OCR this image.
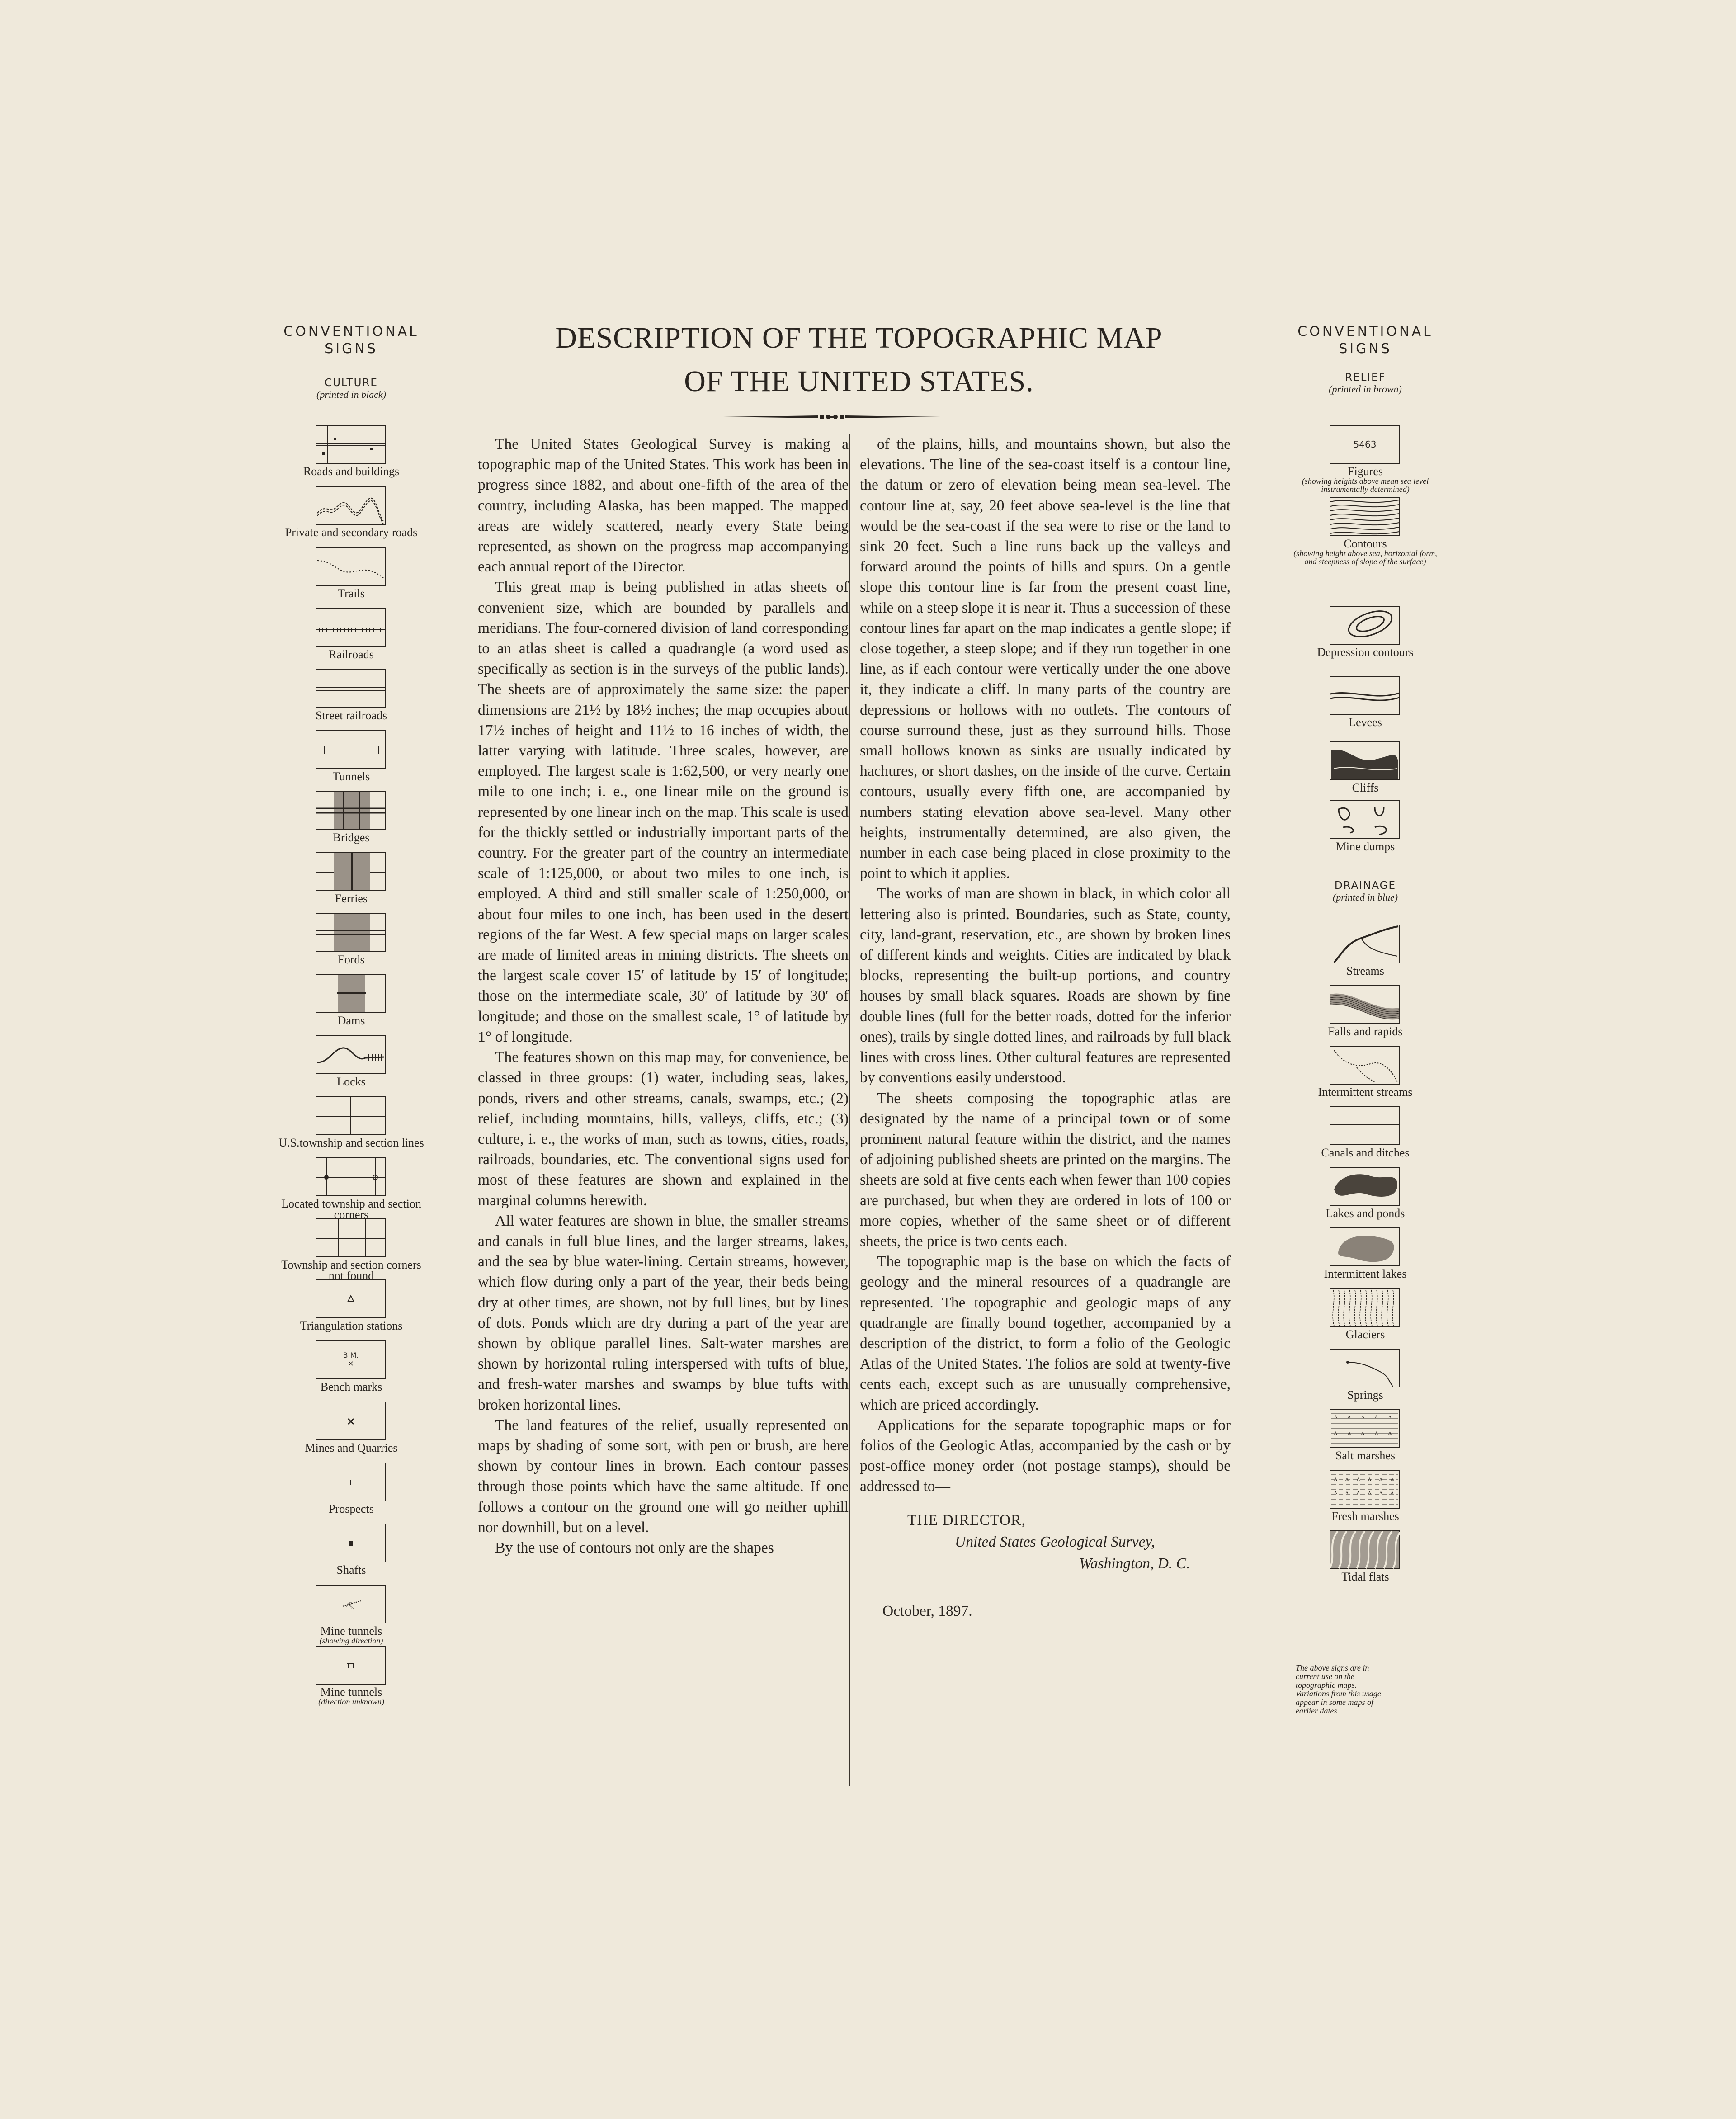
CONVENTIONAL
SIGNS
CULTURE
(printed in black)
Roads and buildings
Private and secondary roads
Trails
Railroads
Street railroads
Tunnels
Bridges
Ferries
Fords
Dams
Locks
U.S.township and section lines
Located township and section corners
Township and section corners not found
Triangulation stations
B.M.
×
Bench marks
Mines and Quarries
Prospects
Shafts
⛏
Mine tunnels
(showing direction)
Mine tunnels
(direction unknown)
CONVENTIONAL
SIGNS
RELIEF
(printed in brown)
5463
Figures
(showing heights above mean sea level instrumentally determined)
Contours
(showing height above sea, horizontal form, and steepness of slope of the surface)
Depression contours
Levees
Cliffs
Mine dumps
Streams
Falls and rapids
Intermittent streams
Canals and ditches
Lakes and ponds
Intermittent lakes
Glaciers
Springs
ᴧ ᴧ ᴧ ᴧ ᴧ
ᴧ ᴧ ᴧ ᴧ ᴧ
Salt marshes
ᴧ ᴧ ᴧ ᴧ ᴧ ᴧ
ᴧ ᴧ ᴧ ᴧ ᴧ ᴧ
Fresh marshes
Tidal flats
DRAINAGE
(printed in blue)
The above signs are in current use on the topographic maps. Variations from this usage appear in some maps of earlier dates.
DESCRIPTION OF THE TOPOGRAPHIC MAP
OF THE UNITED STATES.

The United States Geological Survey is making a topographic map of the United States. This work has been in progress since 1882, and about one-fifth of the area of the country, including Alaska, has been mapped. The mapped areas are widely scattered, nearly every State being represented, as shown on the progress map accompanying each annual report of the Director.

This great map is being published in atlas sheets of convenient size, which are bounded by parallels and meridians. The four-cornered division of land corresponding to an atlas sheet is called a quadrangle (a word used as specifically as section is in the surveys of the public lands). The sheets are of approximately the same size: the paper dimensions are 21½ by 18½ inches; the map occupies about 17½ inches of height and 11½ to 16 inches of width, the latter varying with latitude. Three scales, however, are employed. The largest scale is 1:62,500, or very nearly one mile to one inch; i. e., one linear mile on the ground is represented by one linear inch on the map. This scale is used for the thickly settled or industrially important parts of the country. For the greater part of the country an intermediate scale of 1:125,000, or about two miles to one inch, is employed. A third and still smaller scale of 1:250,000, or about four miles to one inch, has been used in the desert regions of the far West. A few special maps on larger scales are made of limited areas in mining districts. The sheets on the largest scale cover 15′ of latitude by 15′ of longitude; those on the intermediate scale, 30′ of latitude by 30′ of longitude; and those on the smallest scale, 1° of latitude by 1° of longitude.

The features shown on this map may, for convenience, be classed in three groups: (1) water, including seas, lakes, ponds, rivers and other streams, canals, swamps, etc.; (2) relief, including mountains, hills, valleys, cliffs, etc.; (3) culture, i. e., the works of man, such as towns, cities, roads, railroads, boundaries, etc. The conventional signs used for most of these features are shown and explained in the marginal columns herewith.

All water features are shown in blue, the smaller streams and canals in full blue lines, and the larger streams, lakes, and the sea by blue water-lining. Certain streams, however, which flow during only a part of the year, their beds being dry at other times, are shown, not by full lines, but by lines of dots. Ponds which are dry during a part of the year are shown by oblique parallel lines. Salt-water marshes are shown by horizontal ruling interspersed with tufts of blue, and fresh-water marshes and swamps by blue tufts with broken horizontal lines.

The land features of the relief, usually represented on maps by shading of some sort, with pen or brush, are here shown by contour lines in brown. Each contour passes through those points which have the same altitude. If one follows a contour on the ground one will go neither uphill nor downhill, but on a level.

By the use of contours not only are the shapes

of the plains, hills, and mountains shown, but also the elevations. The line of the sea-coast itself is a contour line, the datum or zero of elevation being mean sea-level. The contour line at, say, 20 feet above sea-level is the line that would be the sea-coast if the sea were to rise or the land to sink 20 feet. Such a line runs back up the valleys and forward around the points of hills and spurs. On a gentle slope this contour line is far from the present coast line, while on a steep slope it is near it. Thus a succession of these contour lines far apart on the map indicates a gentle slope; if close together, a steep slope; and if they run together in one line, as if each contour were vertically under the one above it, they indicate a cliff. In many parts of the country are depressions or hollows with no outlets. The contours of course surround these, just as they surround hills. Those small hollows known as sinks are usually indicated by hachures, or short dashes, on the inside of the curve. Certain contours, usually every fifth one, are accompanied by numbers stating elevation above sea-level. Many other heights, instrumentally determined, are also given, the number in each case being placed in close proximity to the point to which it applies.

The works of man are shown in black, in which color all lettering also is printed. Boundaries, such as State, county, city, land-grant, reservation, etc., are shown by broken lines of different kinds and weights. Cities are indicated by black blocks, representing the built-up portions, and country houses by small black squares. Roads are shown by fine double lines (full for the better roads, dotted for the inferior ones), trails by single dotted lines, and railroads by full black lines with cross lines. Other cultural features are represented by conventions easily understood.

The sheets composing the topographic atlas are designated by the name of a principal town or of some prominent natural feature within the district, and the names of adjoining published sheets are printed on the margins. The sheets are sold at five cents each when fewer than 100 copies are purchased, but when they are ordered in lots of 100 or more copies, whether of the same sheet or of different sheets, the price is two cents each.

The topographic map is the base on which the facts of geology and the mineral resources of a quadrangle are represented. The topographic and geologic maps of any quadrangle are finally bound together, accompanied by a description of the district, to form a folio of the Geologic Atlas of the United States. The folios are sold at twenty-five cents each, except such as are unusually comprehensive, which are priced accordingly.

Applications for the separate topographic maps or for folios of the Geologic Atlas, accompanied by the cash or by post-office money order (not postage stamps), should be addressed to—

THE DIRECTOR,
United States Geological Survey,
Washington, D. C.
October, 1897.
